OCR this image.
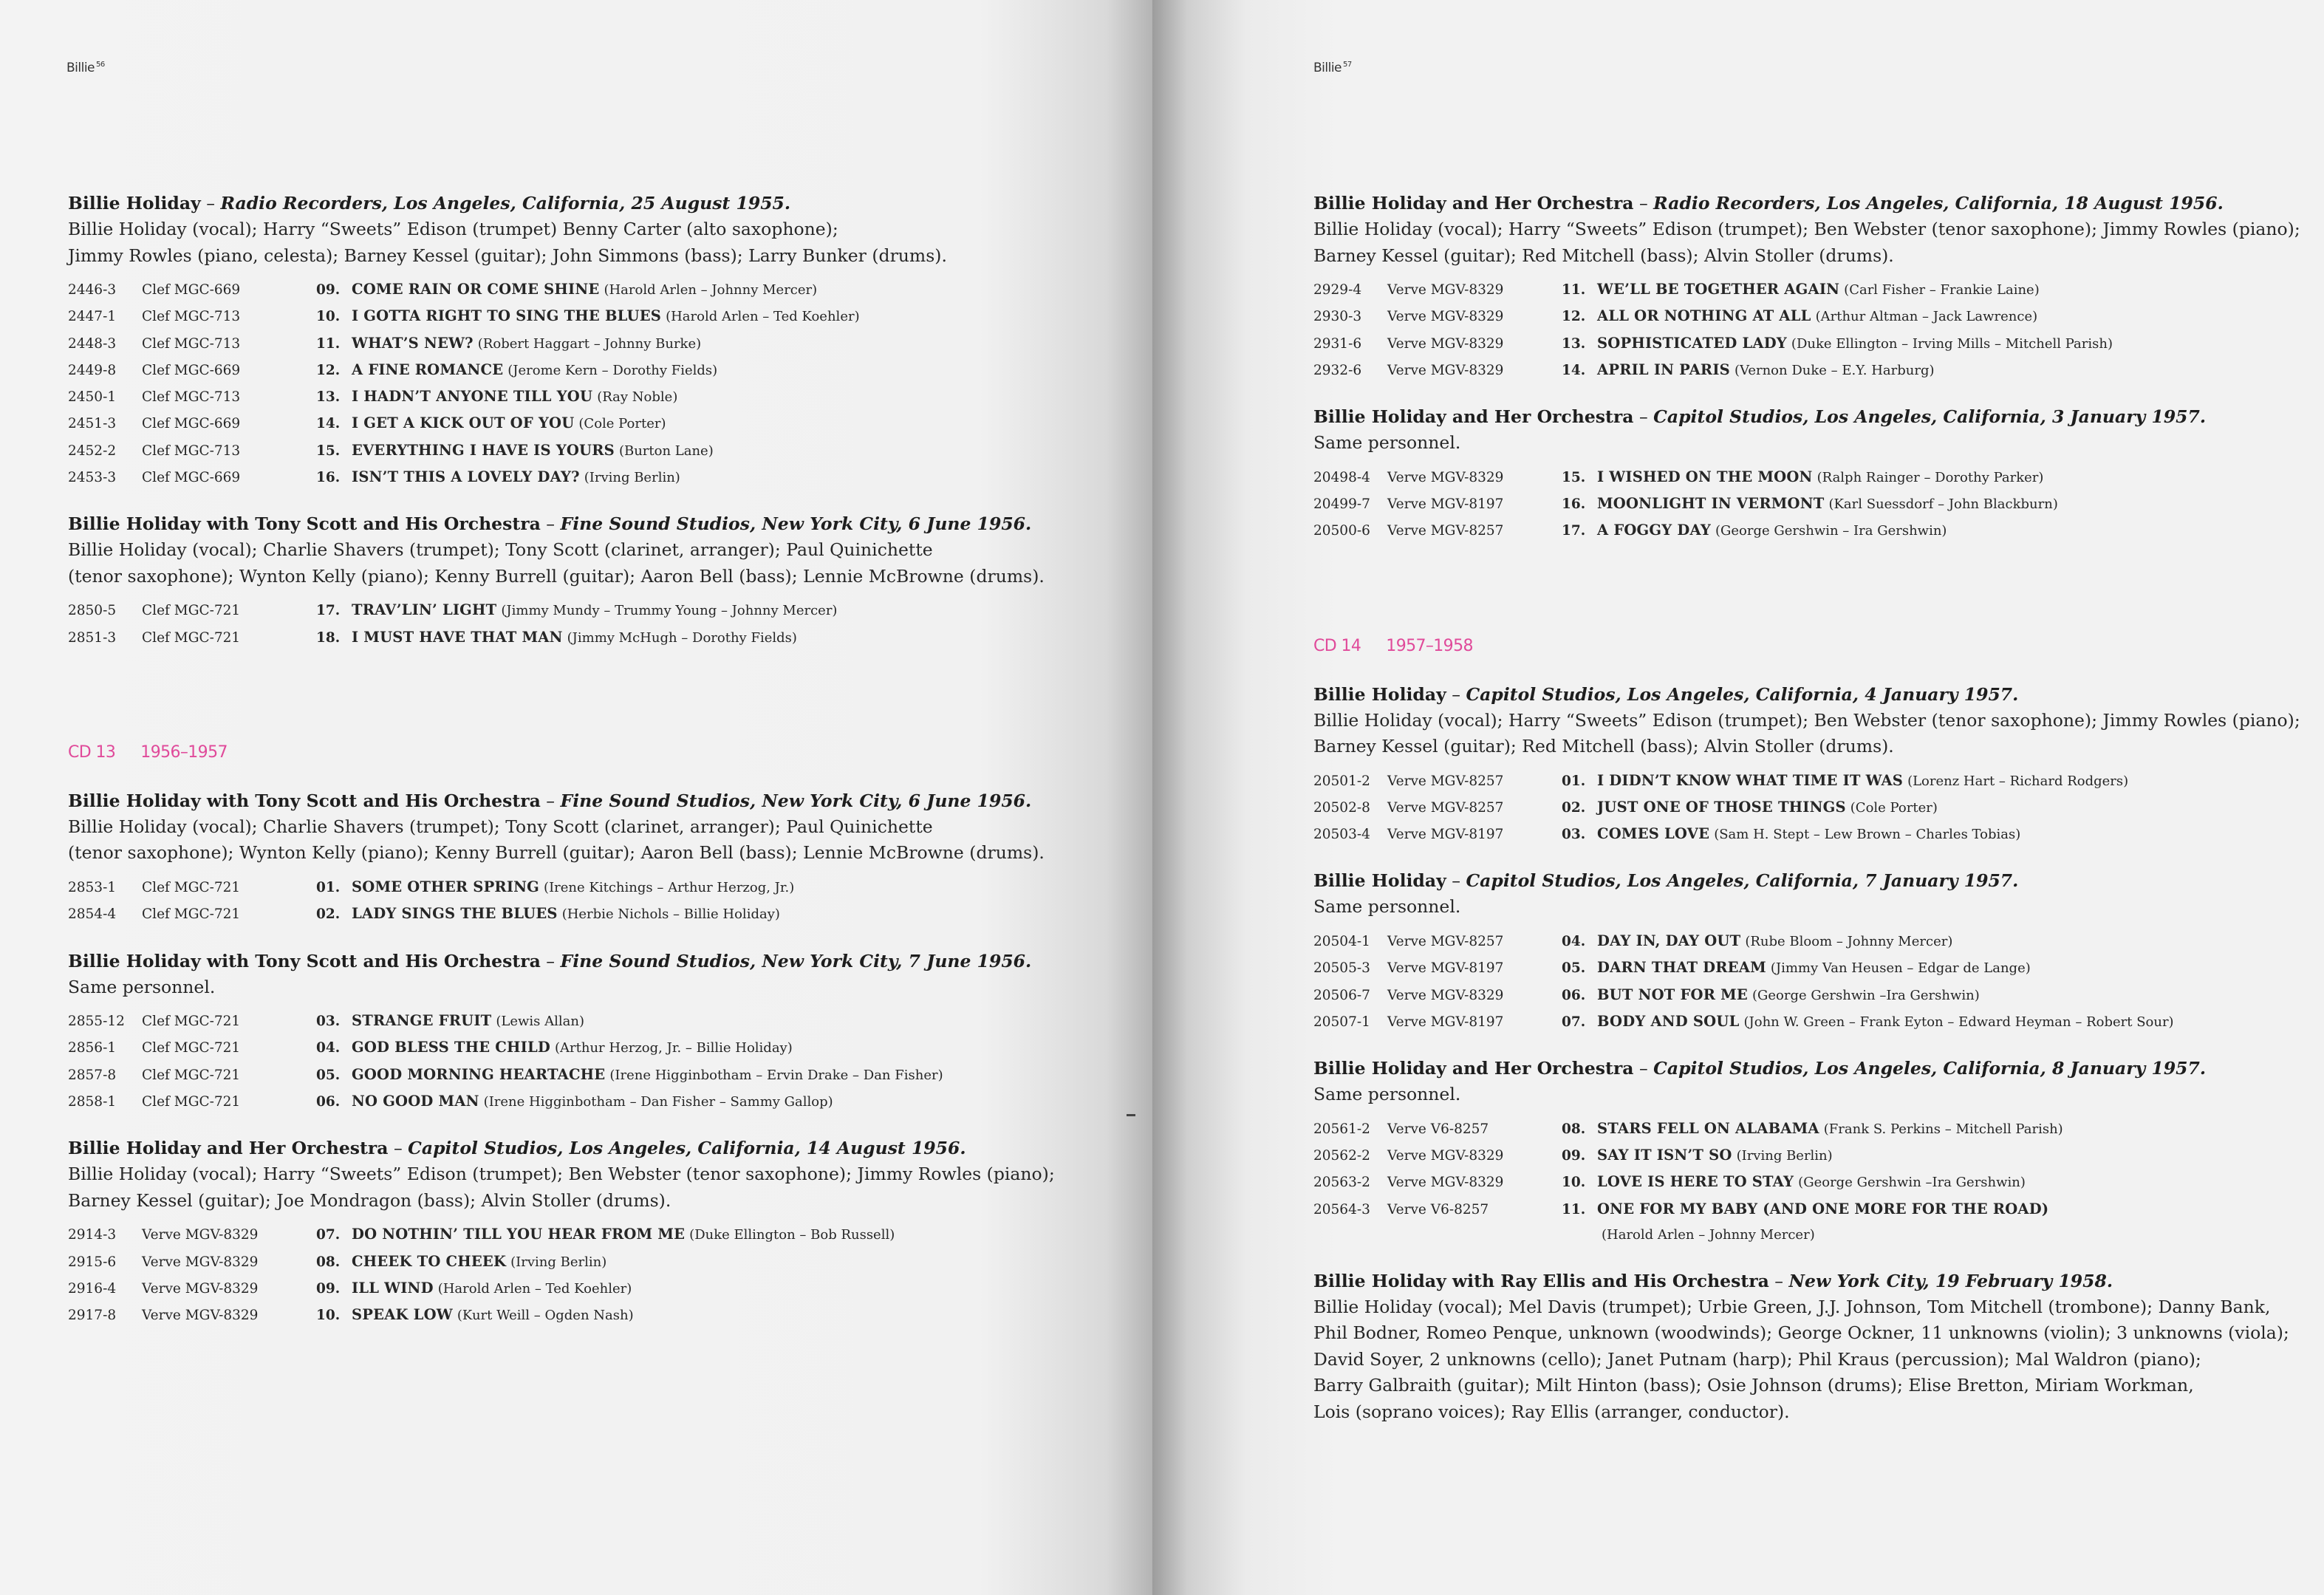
Billie $^{56}$
Billie Holiday – Radio Recorders, Los Angeles, California, 25 August 1955.
Billie Holiday (vocal); Harry “Sweets” Edison (trumpet) Benny Carter (alto saxophone);
Jimmy Rowles (piano, celesta); Barney Kessel (guitar); John Simmons (bass); Larry Bunker (drums).
2446-3	Clef MGC-669	09. COME RAIN OR COME SHINE (Harold Arlen – Johnny Mercer)
2447-1	Clef MGC-713	10. I GOTTA RIGHT TO SING THE BLUES (Harold Arlen – Ted Koehler)
2448-3	Clef MGC-713	11. WHAT’S NEW? (Robert Haggart – Johnny Burke)
2449-8	Clef MGC-669	12. A FINE ROMANCE (Jerome Kern – Dorothy Fields)
2450-1	Clef MGC-713	13. I HADN’T ANYONE TILL YOU (Ray Noble)
2451-3	Clef MGC-669	14. I GET A KICK OUT OF YOU (Cole Porter)
2452-2	Clef MGC-713	15. EVERYTHING I HAVE IS YOURS (Burton Lane)
2453-3	Clef MGC-669	16. ISN’T THIS A LOVELY DAY? (Irving Berlin)
Billie Holiday with Tony Scott and His Orchestra – Fine Sound Studios, New York City, 6 June 1956.
Billie Holiday (vocal); Charlie Shavers (trumpet); Tony Scott (clarinet, arranger); Paul Quinichette
(tenor saxophone); Wynton Kelly (piano); Kenny Burrell (guitar); Aaron Bell (bass); Lennie McBrowne (drums).
2850-5	Clef MGC-721	17. TRAV’LIN’ LIGHT (Jimmy Mundy – Trummy Young – Johnny Mercer)
2851-3	Clef MGC-721	18. I MUST HAVE THAT MAN (Jimmy McHugh – Dorothy Fields)
CD 13 1956–1957
Billie Holiday with Tony Scott and His Orchestra – Fine Sound Studios, New York City, 6 June 1956.
Billie Holiday (vocal); Charlie Shavers (trumpet); Tony Scott (clarinet, arranger); Paul Quinichette
(tenor saxophone); Wynton Kelly (piano); Kenny Burrell (guitar); Aaron Bell (bass); Lennie McBrowne (drums).
2853-1	Clef MGC-721	01. SOME OTHER SPRING (Irene Kitchings – Arthur Herzog, Jr.)
2854-4	Clef MGC-721	02. LADY SINGS THE BLUES (Herbie Nichols – Billie Holiday)
Billie Holiday with Tony Scott and His Orchestra – Fine Sound Studios, New York City, 7 June 1956.
Same personnel.
2855-12	Clef MGC-721	03. STRANGE FRUIT (Lewis Allan)
2856-1	Clef MGC-721	04. GOD BLESS THE CHILD (Arthur Herzog, Jr. – Billie Holiday)
2857-8	Clef MGC-721	05. GOOD MORNING HEARTACHE (Irene Higginbotham – Ervin Drake – Dan Fisher)
2858-1	Clef MGC-721	06. NO GOOD MAN (Irene Higginbotham – Dan Fisher – Sammy Gallop)
Billie Holiday and Her Orchestra – Capitol Studios, Los Angeles, California, 14 August 1956.
Billie Holiday (vocal); Harry “Sweets” Edison (trumpet); Ben Webster (tenor saxophone); Jimmy Rowles (piano);
Barney Kessel (guitar); Joe Mondragon (bass); Alvin Stoller (drums).
2914-3	Verve MGV-8329	07. DO NOTHIN’ TILL YOU HEAR FROM ME (Duke Ellington – Bob Russell)
2915-6	Verve MGV-8329	08. CHEEK TO CHEEK (Irving Berlin)
2916-4	Verve MGV-8329	09. ILL WIND (Harold Arlen – Ted Koehler)
2917-8	Verve MGV-8329	10. SPEAK LOW (Kurt Weill – Ogden Nash)
Billie $^{57}$
Billie Holiday and Her Orchestra – Radio Recorders, Los Angeles, California, 18 August 1956.
Billie Holiday (vocal); Harry “Sweets” Edison (trumpet); Ben Webster (tenor saxophone); Jimmy Rowles (piano);
Barney Kessel (guitar); Red Mitchell (bass); Alvin Stoller (drums).
2929-4	Verve MGV-8329	11. WE’LL BE TOGETHER AGAIN (Carl Fisher – Frankie Laine)
2930-3	Verve MGV-8329	12. ALL OR NOTHING AT ALL (Arthur Altman – Jack Lawrence)
2931-6	Verve MGV-8329	13. SOPHISTICATED LADY (Duke Ellington – Irving Mills – Mitchell Parish)
2932-6	Verve MGV-8329	14. APRIL IN PARIS (Vernon Duke – E.Y. Harburg)
Billie Holiday and Her Orchestra – Capitol Studios, Los Angeles, California, 3 January 1957.
Same personnel.
20498-4	Verve MGV-8329	15. I WISHED ON THE MOON (Ralph Rainger – Dorothy Parker)
20499-7	Verve MGV-8197	16. MOONLIGHT IN VERMONT (Karl Suessdorf – John Blackburn)
20500-6	Verve MGV-8257	17. A FOGGY DAY (George Gershwin – Ira Gershwin)
CD 14 1957–1958
Billie Holiday – Capitol Studios, Los Angeles, California, 4 January 1957.
Billie Holiday (vocal); Harry “Sweets” Edison (trumpet); Ben Webster (tenor saxophone); Jimmy Rowles (piano);
Barney Kessel (guitar); Red Mitchell (bass); Alvin Stoller (drums).
20501-2	Verve MGV-8257	01. I DIDN’T KNOW WHAT TIME IT WAS (Lorenz Hart – Richard Rodgers)
20502-8	Verve MGV-8257	02. JUST ONE OF THOSE THINGS (Cole Porter)
20503-4	Verve MGV-8197	03. COMES LOVE (Sam H. Stept – Lew Brown – Charles Tobias)
Billie Holiday – Capitol Studios, Los Angeles, California, 7 January 1957.
Same personnel.
20504-1	Verve MGV-8257	04. DAY IN, DAY OUT (Rube Bloom – Johnny Mercer)
20505-3	Verve MGV-8197	05. DARN THAT DREAM (Jimmy Van Heusen – Edgar de Lange)
20506-7	Verve MGV-8329	06. BUT NOT FOR ME (George Gershwin –Ira Gershwin)
20507-1	Verve MGV-8197	07. BODY AND SOUL (John W. Green – Frank Eyton – Edward Heyman – Robert Sour)
Billie Holiday and Her Orchestra – Capitol Studios, Los Angeles, California, 8 January 1957.
Same personnel.
20561-2	Verve V6-8257	08. STARS FELL ON ALABAMA (Frank S. Perkins – Mitchell Parish)
20562-2	Verve MGV-8329	09. SAY IT ISN’T SO (Irving Berlin)
20563-2	Verve MGV-8329	10. LOVE IS HERE TO STAY (George Gershwin –Ira Gershwin)
20564-3	Verve V6-8257	11. ONE FOR MY BABY (AND ONE MORE FOR THE ROAD)
(Harold Arlen – Johnny Mercer)
Billie Holiday with Ray Ellis and His Orchestra – New York City, 19 February 1958.
Billie Holiday (vocal); Mel Davis (trumpet); Urbie Green, J.J. Johnson, Tom Mitchell (trombone); Danny Bank,
Phil Bodner, Romeo Penque, unknown (woodwinds); George Ockner, 11 unknowns (violin); 3 unknowns (viola);
David Soyer, 2 unknowns (cello); Janet Putnam (harp); Phil Kraus (percussion); Mal Waldron (piano);
Barry Galbraith (guitar); Milt Hinton (bass); Osie Johnson (drums); Elise Bretton, Miriam Workman,
Lois (soprano voices); Ray Ellis (arranger, conductor).
